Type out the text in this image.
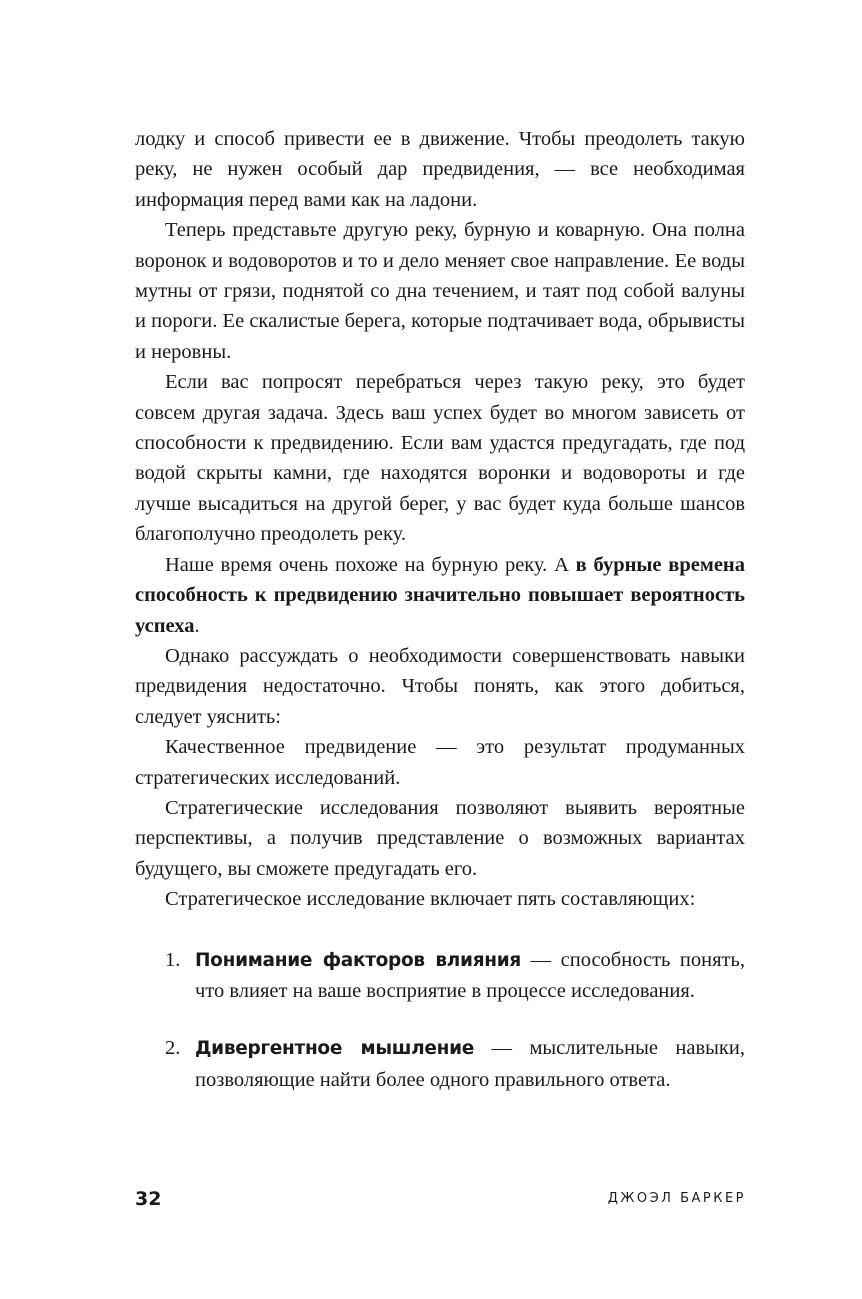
лодку и способ привести ее в движение. Чтобы преодолеть такую реку, не нужен особый дар предвидения, — все необходимая информация перед вами как на ладони.

Теперь представьте другую реку, бурную и коварную. Она полна воронок и водоворотов и то и дело меняет свое направление. Ее воды мутны от грязи, поднятой со дна течением, и таят под собой валуны и пороги. Ее скалистые берега, которые подтачивает вода, обрывисты и неровны.

Если вас попросят перебраться через такую реку, это будет совсем другая задача. Здесь ваш успех будет во многом зависеть от способности к предвидению. Если вам удастся предугадать, где под водой скрыты камни, где находятся воронки и водовороты и где лучше высадиться на другой берег, у вас будет куда больше шансов благополучно преодолеть реку.

Наше время очень похоже на бурную реку. А в бурные времена способность к предвидению значительно повышает вероятность успеха.

Однако рассуждать о необходимости совершенствовать навыки предвидения недостаточно. Чтобы понять, как этого добиться, следует уяснить:

Качественное предвидение — это результат продуманных стратегических исследований.

Стратегические исследования позволяют выявить вероятные перспективы, а получив представление о возможных вариантах будущего, вы сможете предугадать его.

Стратегическое исследование включает пять составляющих:

1. Понимание факторов влияния — способность понять, что влияет на ваше восприятие в процессе исследования.
2. Дивергентное мышление — мыслительные навыки, позволяющие найти более одного правильного ответа.
32	ДЖОЭЛ БАРКЕР
